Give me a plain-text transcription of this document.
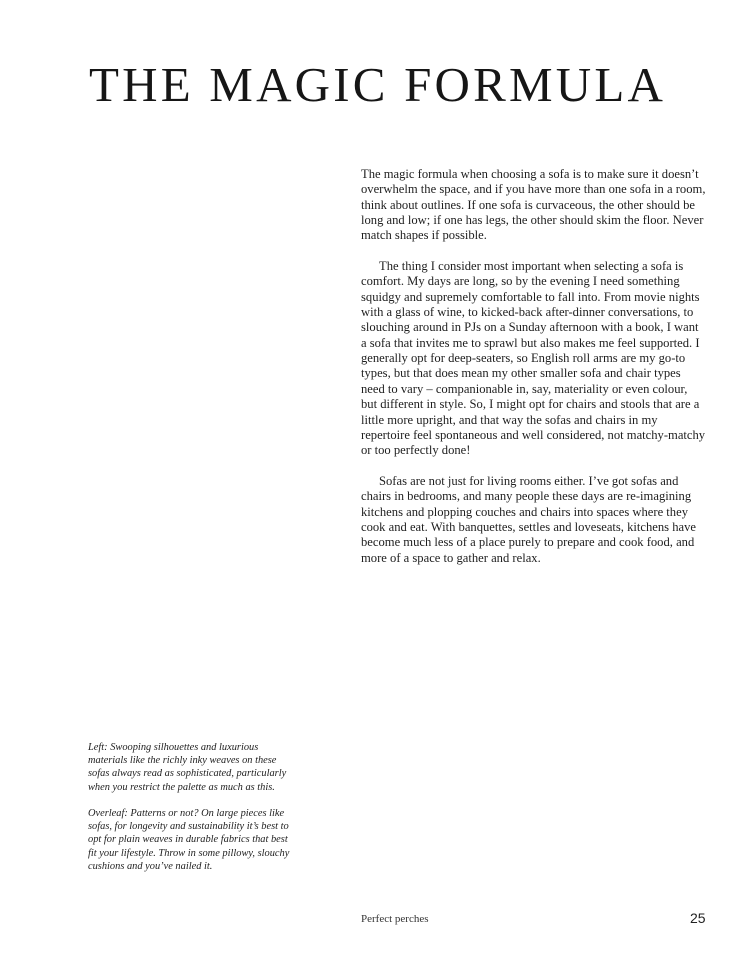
THE MAGIC FORMULA

The magic formula when choosing a sofa is to make sure it doesn’t overwhelm the space, and if you have more than one sofa in a room, think about outlines. If one sofa is curvaceous, the other should be long and low; if one has legs, the other should skim the floor. Never match shapes if possible.

The thing I consider most important when selecting a sofa is comfort. My days are long, so by the evening I need something squidgy and supremely comfortable to fall into. From movie nights with a glass of wine, to kicked-back after-dinner conversations, to slouching around in PJs on a Sunday afternoon with a book, I want a sofa that invites me to sprawl but also makes me feel supported. I generally opt for deep-seaters, so English roll arms are my go-to types, but that does mean my other smaller sofa and chair types need to vary – companionable in, say, materiality or even colour, but different in style. So, I might opt for chairs and stools that are a little more upright, and that way the sofas and chairs in my repertoire feel spontaneous and well considered, not matchy-matchy or too perfectly done!

Sofas are not just for living rooms either. I’ve got sofas and chairs in bedrooms, and many people these days are re-imagining kitchens and plopping couches and chairs into spaces where they cook and eat. With banquettes, settles and loveseats, kitchens have become much less of a place purely to prepare and cook food, and more of a space to gather and relax.

Left: Swooping silhouettes and luxurious materials like the richly inky weaves on these sofas always read as sophisticated, particularly when you restrict the palette as much as this.

Overleaf: Patterns or not? On large pieces like sofas, for longevity and sustainability it’s best to opt for plain weaves in durable fabrics that best fit your lifestyle. Throw in some pillowy, slouchy cushions and you’ve nailed it.

Perfect perches	25
